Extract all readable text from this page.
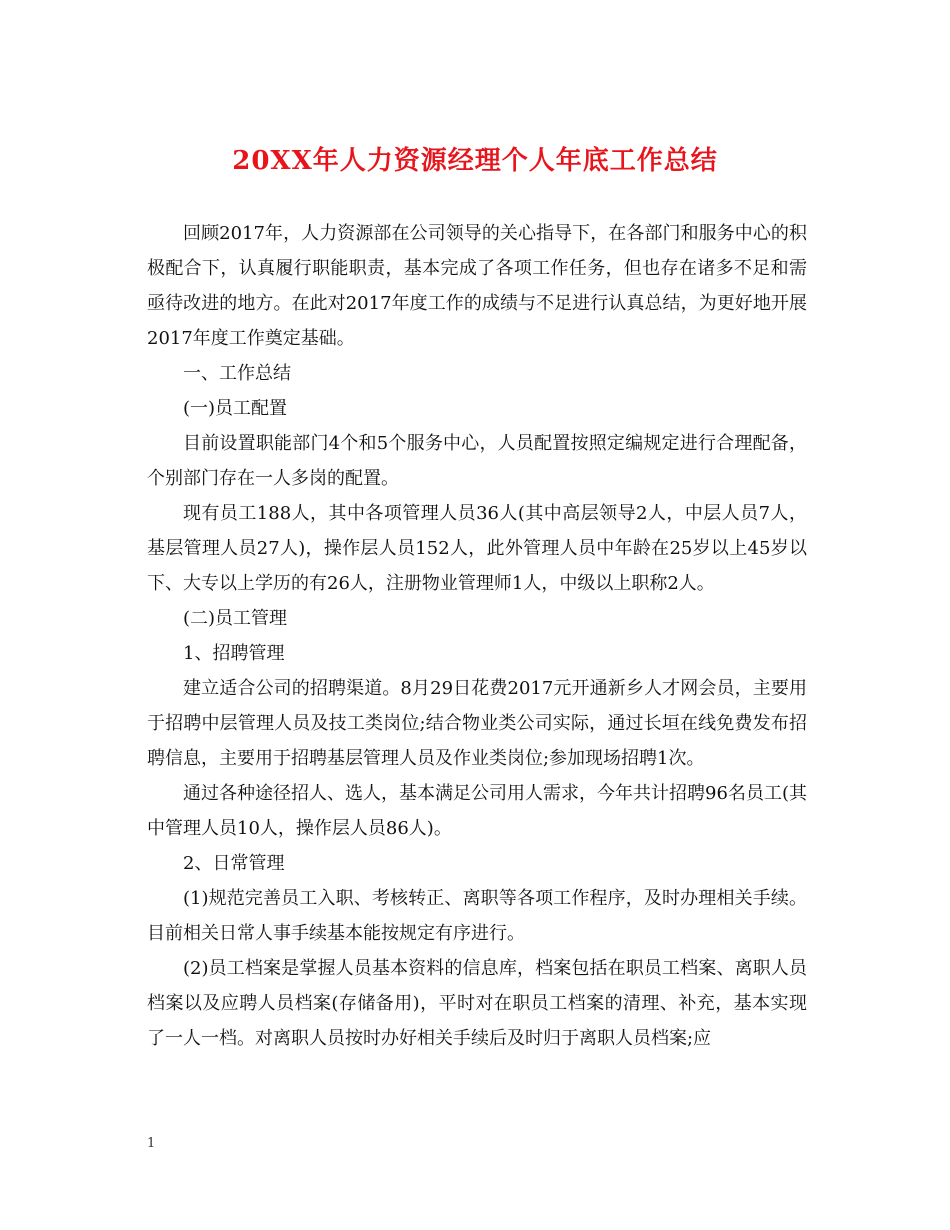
20XX年人力资源经理个人年底工作总结

回顾2017年，人力资源部在公司领导的关心指导下，在各部门和服务中心的积极配合下，认真履行职能职责，基本完成了各项工作任务，但也存在诸多不足和需亟待改进的地方。在此对2017年度工作的成绩与不足进行认真总结，为更好地开展2017年度工作奠定基础。

一、工作总结

(一)员工配置

目前设置职能部门4个和5个服务中心，人员配置按照定编规定进行合理配备，个别部门存在一人多岗的配置。

现有员工188人，其中各项管理人员36人(其中高层领导2人，中层人员7人，基层管理人员27人)，操作层人员152人，此外管理人员中年龄在25岁以上45岁以下、大专以上学历的有26人，注册物业管理师1人，中级以上职称2人。

(二)员工管理

1、招聘管理

建立适合公司的招聘渠道。8月29日花费2017元开通新乡人才网会员，主要用于招聘中层管理人员及技工类岗位;结合物业类公司实际，通过长垣在线免费发布招聘信息，主要用于招聘基层管理人员及作业类岗位;参加现场招聘1次。

通过各种途径招人、选人，基本满足公司用人需求，今年共计招聘96名员工(其中管理人员10人，操作层人员86人)。

2、日常管理

(1)规范完善员工入职、考核转正、离职等各项工作程序，及时办理相关手续。目前相关日常人事手续基本能按规定有序进行。

(2)员工档案是掌握人员基本资料的信息库，档案包括在职员工档案、离职人员档案以及应聘人员档案(存储备用)，平时对在职员工档案的清理、补充，基本实现了一人一档。对离职人员按时办好相关手续后及时归于离职人员档案;应

1
